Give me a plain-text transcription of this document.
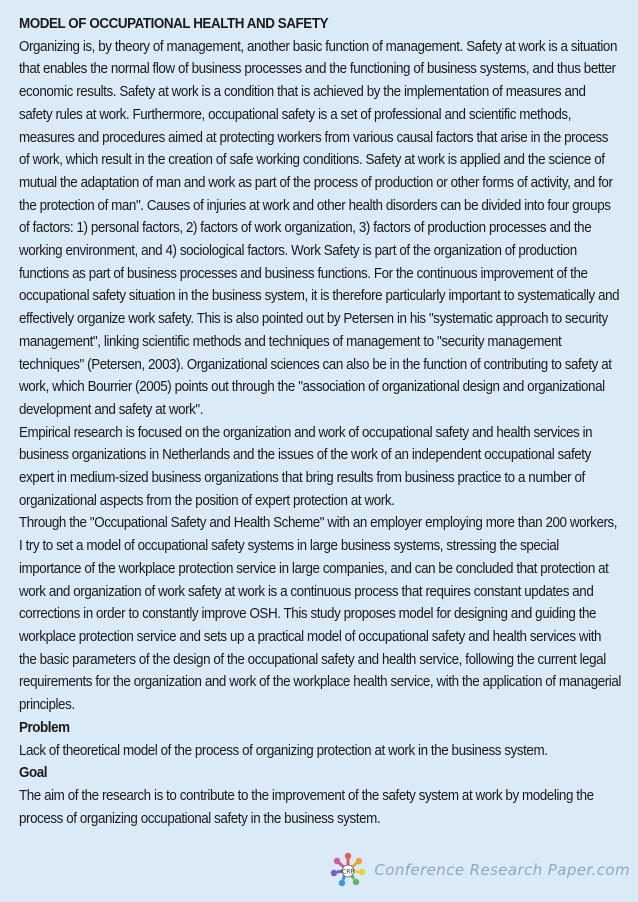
MODEL OF OCCUPATIONAL HEALTH AND SAFETY

Organizing is, by theory of management, another basic function of management. Safety at work is a situation that enables the normal flow of business processes and the functioning of business systems, and thus better economic results. Safety at work is a condition that is achieved by the implementation of measures and safety rules at work. Furthermore, occupational safety is a set of professional and scientific methods, measures and procedures aimed at protecting workers from various causal factors that arise in the process of work, which result in the creation of safe working conditions. Safety at work is applied and the science of mutual the adaptation of man and work as part of the process of production or other forms of activity, and for the protection of man". Causes of injuries at work and other health disorders can be divided into four groups of factors: 1) personal factors, 2) factors of work organization, 3) factors of production processes and the working environment, and 4) sociological factors. Work Safety is part of the organization of production functions as part of business processes and business functions. For the continuous improvement of the occupational safety situation in the business system, it is therefore particularly important to systematically and effectively organize work safety. This is also pointed out by Petersen in his "systematic approach to security management", linking scientific methods and techniques of management to "security management techniques" (Petersen, 2003). Organizational sciences can also be in the function of contributing to safety at work, which Bourrier (2005) points out through the "association of organizational design and organizational development and safety at work".

Empirical research is focused on the organization and work of occupational safety and health services in business organizations in Netherlands and the issues of the work of an independent occupational safety expert in medium-sized business organizations that bring results from business practice to a number of organizational aspects from the position of expert protection at work.

Through the "Occupational Safety and Health Scheme" with an employer employing more than 200 workers, I try to set a model of occupational safety systems in large business systems, stressing the special importance of the workplace protection service in large companies, and can be concluded that protection at work and organization of work safety at work is a continuous process that requires constant updates and corrections in order to constantly improve OSH. This study proposes model for designing and guiding the workplace protection service and sets up a practical model of occupational safety and health services with the basic parameters of the design of the occupational safety and health service, following the current legal requirements for the organization and work of the workplace health service, with the application of managerial principles.

Problem

Lack of theoretical model of the process of organizing protection at work in the business system.

Goal

The aim of the research is to contribute to the improvement of the safety system at work by modeling the process of organizing occupational safety in the business system.

CRP Conference Research Paper.com
